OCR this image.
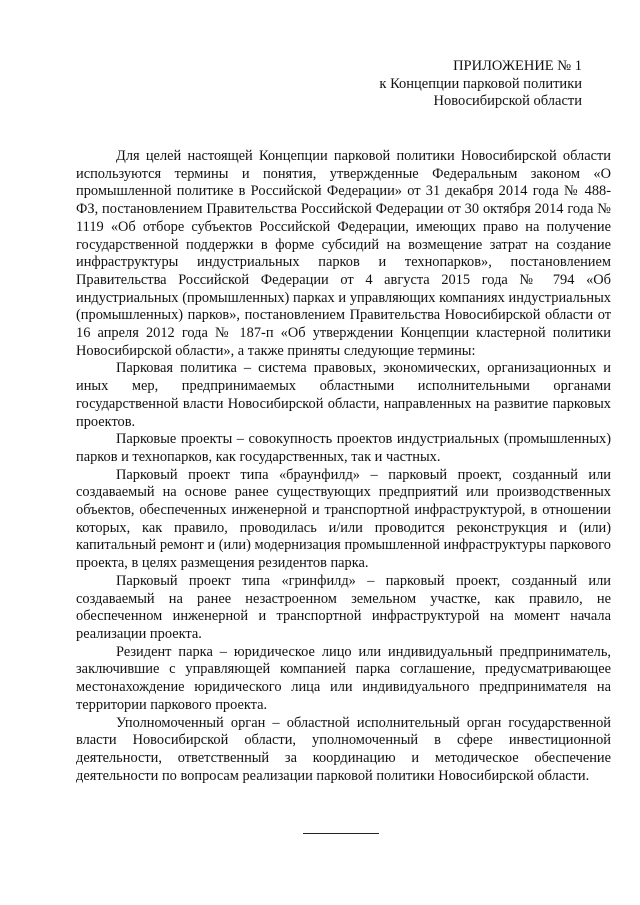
ПРИЛОЖЕНИЕ № 1
к Концепции парковой политики
Новосибирской области

Для целей настоящей Концепции парковой политики Новосибирской области используются термины и понятия, утвержденные Федеральным законом «О промышленной политике в Российской Федерации» от 31 декабря 2014 года № 488-ФЗ, постановлением Правительства Российской Федерации от 30 октября 2014 года № 1119 «Об отборе субъектов Российской Федерации, имеющих право на получение государственной поддержки в форме субсидий на возмещение затрат на создание инфраструктуры индустриальных парков и технопарков», постановлением Правительства Российской Федерации от 4 августа 2015 года № 794 «Об индустриальных (промышленных) парках и управляющих компаниях индустриальных (промышленных) парков», постановлением Правительства Новосибирской области от 16 апреля 2012 года № 187-п «Об утверждении Концепции кластерной политики Новосибирской области», а также приняты следующие термины:

Парковая политика – система правовых, экономических, организационных и иных мер, предпринимаемых областными исполнительными органами государственной власти Новосибирской области, направленных на развитие парковых проектов.

Парковые проекты – совокупность проектов индустриальных (промышленных) парков и технопарков, как государственных, так и частных.

Парковый проект типа «браунфилд» – парковый проект, созданный или создаваемый на основе ранее существующих предприятий или производственных объектов, обеспеченных инженерной и транспортной инфраструктурой, в отношении которых, как правило, проводилась и/или проводится реконструкция и (или) капитальный ремонт и (или) модернизация промышленной инфраструктуры паркового проекта, в целях размещения резидентов парка.

Парковый проект типа «гринфилд» – парковый проект, созданный или создаваемый на ранее незастроенном земельном участке, как правило, не обеспеченном инженерной и транспортной инфраструктурой на момент начала реализации проекта.

Резидент парка – юридическое лицо или индивидуальный предприниматель, заключившие с управляющей компанией парка соглашение, предусматривающее местонахождение юридического лица или индивидуального предпринимателя на территории паркового проекта.

Уполномоченный орган – областной исполнительный орган государственной власти Новосибирской области, уполномоченный в сфере инвестиционной деятельности, ответственный за координацию и методическое обеспечение деятельности по вопросам реализации парковой политики Новосибирской области.
